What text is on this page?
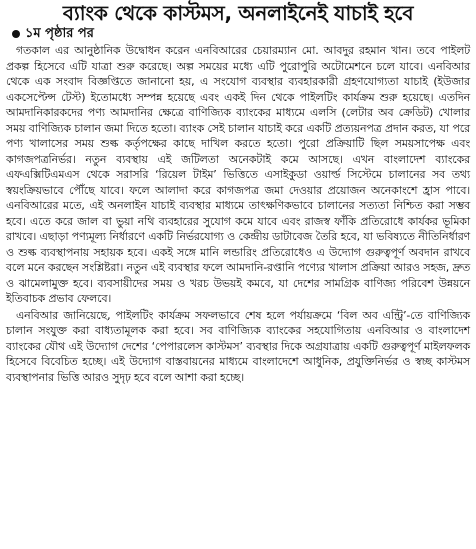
ব্যাংক থেকে কাস্টমস, অনলাইনেই যাচাই হবে
১ম পৃষ্ঠার পর

গতকাল এর আনুষ্ঠানিক উদ্বোধন করেন এনবিআরের চেয়ারম্যান মো. আবদুর রহমান খান। তবে পাইলট প্রকল্প হিসেবে এটি যাত্রা শুরু করেছে। অল্প সময়ের মধ্যে এটি পুরোপুরি অটোমেশনে চলে যাবে। এনবিআর থেকে এক সংবাদ বিজ্ঞপ্তিতে জানানো হয়, এ সংযোগ ব্যবস্থার ব্যবহারকারী গ্রহণযোগ্যতা যাচাই (ইউজার একসেপ্টেন্স টেস্ট) ইতোমধ্যে সম্পন্ন হয়েছে এবং একই দিন থেকে পাইলটিং কার্যক্রম শুরু হয়েছে। এতদিন আমদানিকারকদের পণ্য আমদানির ক্ষেত্রে বাণিজ্যিক ব্যাংকের মাধ্যমে এলসি (লেটার অব ক্রেডিট) খোলার সময় বাণিজ্যিক চালান জমা দিতে হতো। ব্যাংক সেই চালান যাচাই করে একটি প্রত্যয়নপত্র প্রদান করত, যা পরে পণ্য খালাসের সময় শুল্ক কর্তৃপক্ষের কাছে দাখিল করতে হতো। পুরো প্রক্রিয়াটি ছিল সময়সাপেক্ষ এবং কাগজপত্রনির্ভর। নতুন ব্যবস্থায় এই জটিলতা অনেকটাই কমে আসছে। এখন বাংলাদেশ ব্যাংকের এফএক্সিটিএমএস থেকে সরাসরি ‘রিয়েল টাইম’ ভিত্তিতে এসাইকুডা ওয়ার্ল্ড সিস্টেমে চালানের সব তথ্য স্বয়ংক্রিয়ভাবে পৌঁছে যাবে। ফলে আলাদা করে কাগজপত্র জমা দেওয়ার প্রয়োজন অনেকাংশে হ্রাস পাবে। এনবিআরের মতে, এই অনলাইন যাচাই ব্যবস্থার মাধ্যমে তাৎক্ষণিকভাবে চালানের সত্যতা নিশ্চিত করা সম্ভব হবে। এতে করে জাল বা ভুয়া নথি ব্যবহারের সুযোগ কমে যাবে এবং রাজস্ব ফাঁকি প্রতিরোধে কার্যকর ভূমিকা রাখবে। এছাড়া পণ্যমূল্য নির্ধারণে একটি নির্ভরযোগ্য ও কেন্দ্রীয় ডাটাবেজ তৈরি হবে, যা ভবিষ্যতে নীতিনির্ধারণ ও শুল্ক ব্যবস্থাপনায় সহায়ক হবে। একই সঙ্গে মানি লন্ডারিং প্রতিরোধেও এ উদ্যোগ গুরুত্বপূর্ণ অবদান রাখবে বলে মনে করছেন সংশ্লিষ্টরা। নতুন এই ব্যবস্থার ফলে আমদানি-রপ্তানি পণ্যের খালাস প্রক্রিয়া আরও সহজ, দ্রুত ও ঝামেলামুক্ত হবে। ব্যবসায়ীদের সময় ও খরচ উভয়ই কমবে, যা দেশের সামগ্রিক বাণিজ্য পরিবেশ উন্নয়নে ইতিবাচক প্রভাব ফেলবে।

এনবিআর জানিয়েছে, পাইলটিং কার্যক্রম সফলভাবে শেষ হলে পর্যায়ক্রমে ‘বিল অব এন্ট্রি’-তে বাণিজ্যিক চালান সংযুক্ত করা বাধ্যতামূলক করা হবে। সব বাণিজ্যিক ব্যাংকের সহযোগিতায় এনবিআর ও বাংলাদেশ ব্যাংকের যৌথ এই উদ্যোগ দেশের ‘পেপারলেস কাস্টমস’ ব্যবস্থার দিকে অগ্রযাত্রায় একটি গুরুত্বপূর্ণ মাইলফলক হিসেবে বিবেচিত হচ্ছে। এই উদ্যোগ বাস্তবায়নের মাধ্যমে বাংলাদেশে আধুনিক, প্রযুক্তিনির্ভর ও স্বচ্ছ কাস্টমস ব্যবস্থাপনার ভিত্তি আরও সুদৃঢ় হবে বলে আশা করা হচ্ছে।
